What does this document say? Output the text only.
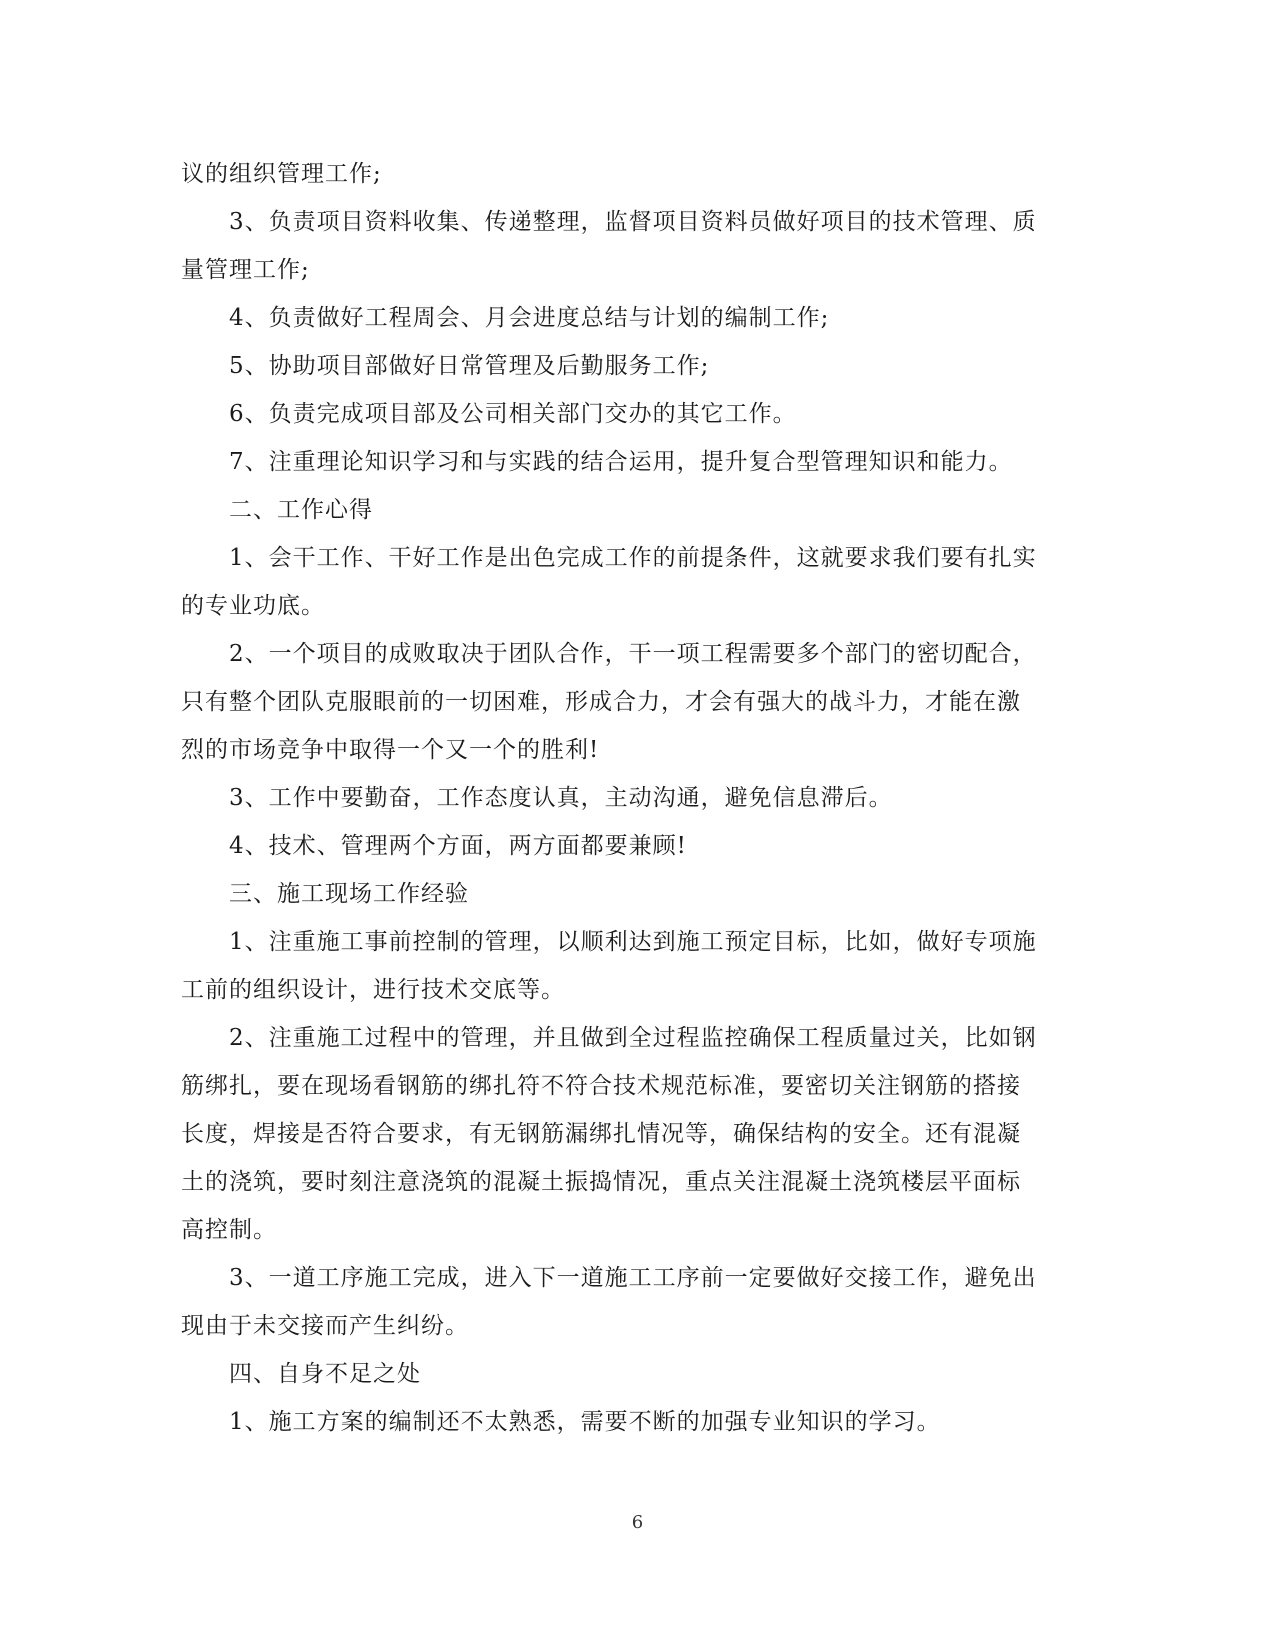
议的组织管理工作;
3、负责项目资料收集、传递整理，监督项目资料员做好项目的技术管理、质
量管理工作;
4、负责做好工程周会、月会进度总结与计划的编制工作;
5、协助项目部做好日常管理及后勤服务工作;
6、负责完成项目部及公司相关部门交办的其它工作。
7、注重理论知识学习和与实践的结合运用，提升复合型管理知识和能力。
二、工作心得
1、会干工作、干好工作是出色完成工作的前提条件，这就要求我们要有扎实
的专业功底。
2、一个项目的成败取决于团队合作，干一项工程需要多个部门的密切配合，
只有整个团队克服眼前的一切困难，形成合力，才会有强大的战斗力，才能在激
烈的市场竞争中取得一个又一个的胜利!
3、工作中要勤奋，工作态度认真，主动沟通，避免信息滞后。
4、技术、管理两个方面，两方面都要兼顾!
三、施工现场工作经验
1、注重施工事前控制的管理，以顺利达到施工预定目标，比如，做好专项施
工前的组织设计，进行技术交底等。
2、注重施工过程中的管理，并且做到全过程监控确保工程质量过关，比如钢
筋绑扎，要在现场看钢筋的绑扎符不符合技术规范标准，要密切关注钢筋的搭接
长度，焊接是否符合要求，有无钢筋漏绑扎情况等，确保结构的安全。还有混凝
土的浇筑，要时刻注意浇筑的混凝土振捣情况，重点关注混凝土浇筑楼层平面标
高控制。
3、一道工序施工完成，进入下一道施工工序前一定要做好交接工作，避免出
现由于未交接而产生纠纷。
四、自身不足之处
1、施工方案的编制还不太熟悉，需要不断的加强专业知识的学习。
6
